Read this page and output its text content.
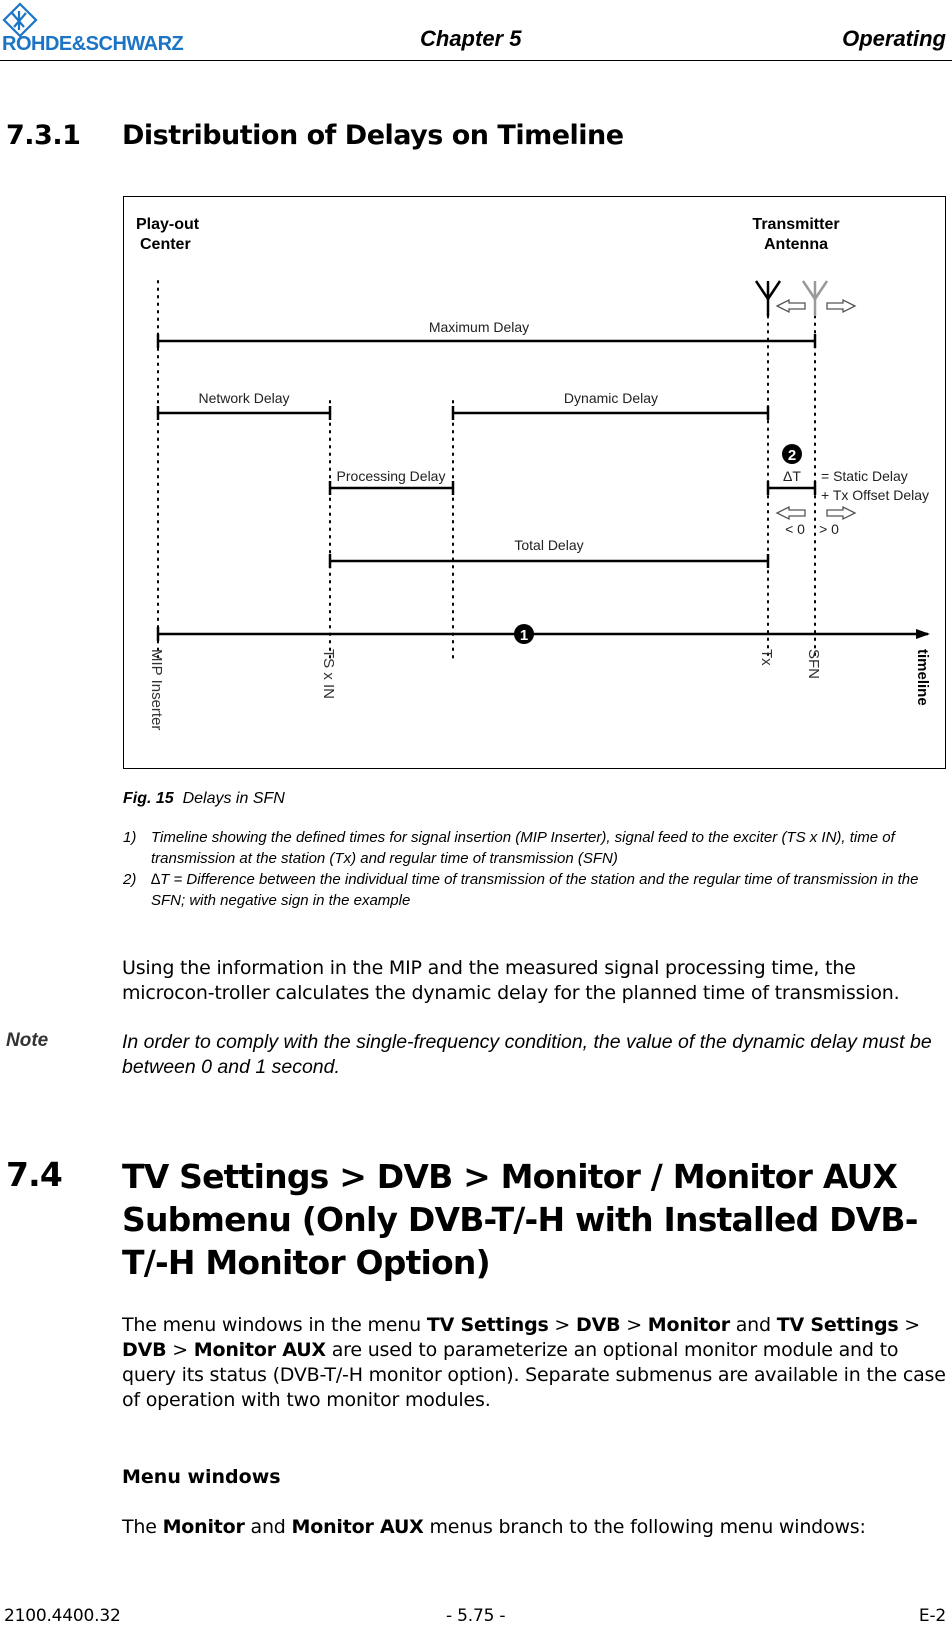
ROHDE&SCHWARZ	Chapter 5	Operating
7.3.1 Distribution of Delays on Timeline
Play-out
Center
Transmitter
Antenna
Maximum Delay
Network Delay	Dynamic Delay
2
Processing Delay	ΔT = Static Delay
+ Tx Offset Delay
< 0 > 0
Total Delay
1
MIP Inserter	TS x IN	Tx SFN	timeline
Fig. 15 Delays in SFN
1) Timeline showing the defined times for signal insertion (MIP Inserter), signal feed to the exciter (TS x IN), time of transmission at the station (Tx) and regular time of transmission (SFN)
2) ∆T = Difference between the individual time of transmission of the station and the regular time of transmission in the SFN; with negative sign in the example
Using the information in the MIP and the measured signal processing time, the microcon-troller calculates the dynamic delay for the planned time of transmission.
Note	In order to comply with the single-frequency condition, the value of the dynamic delay must be between 0 and 1 second.
7.4 TV Settings > DVB > Monitor / Monitor AUX Submenu (Only DVB-T/-H with Installed DVB-T/-H Monitor Option)
The menu windows in the menu TV Settings > DVB > Monitor and TV Settings > DVB > Monitor AUX are used to parameterize an optional monitor module and to query its status (DVB-T/-H monitor option). Separate submenus are available in the case of operation with two monitor modules.
Menu windows
The Monitor and Monitor AUX menus branch to the following menu windows:
2100.4400.32	- 5.75 -	E-2
